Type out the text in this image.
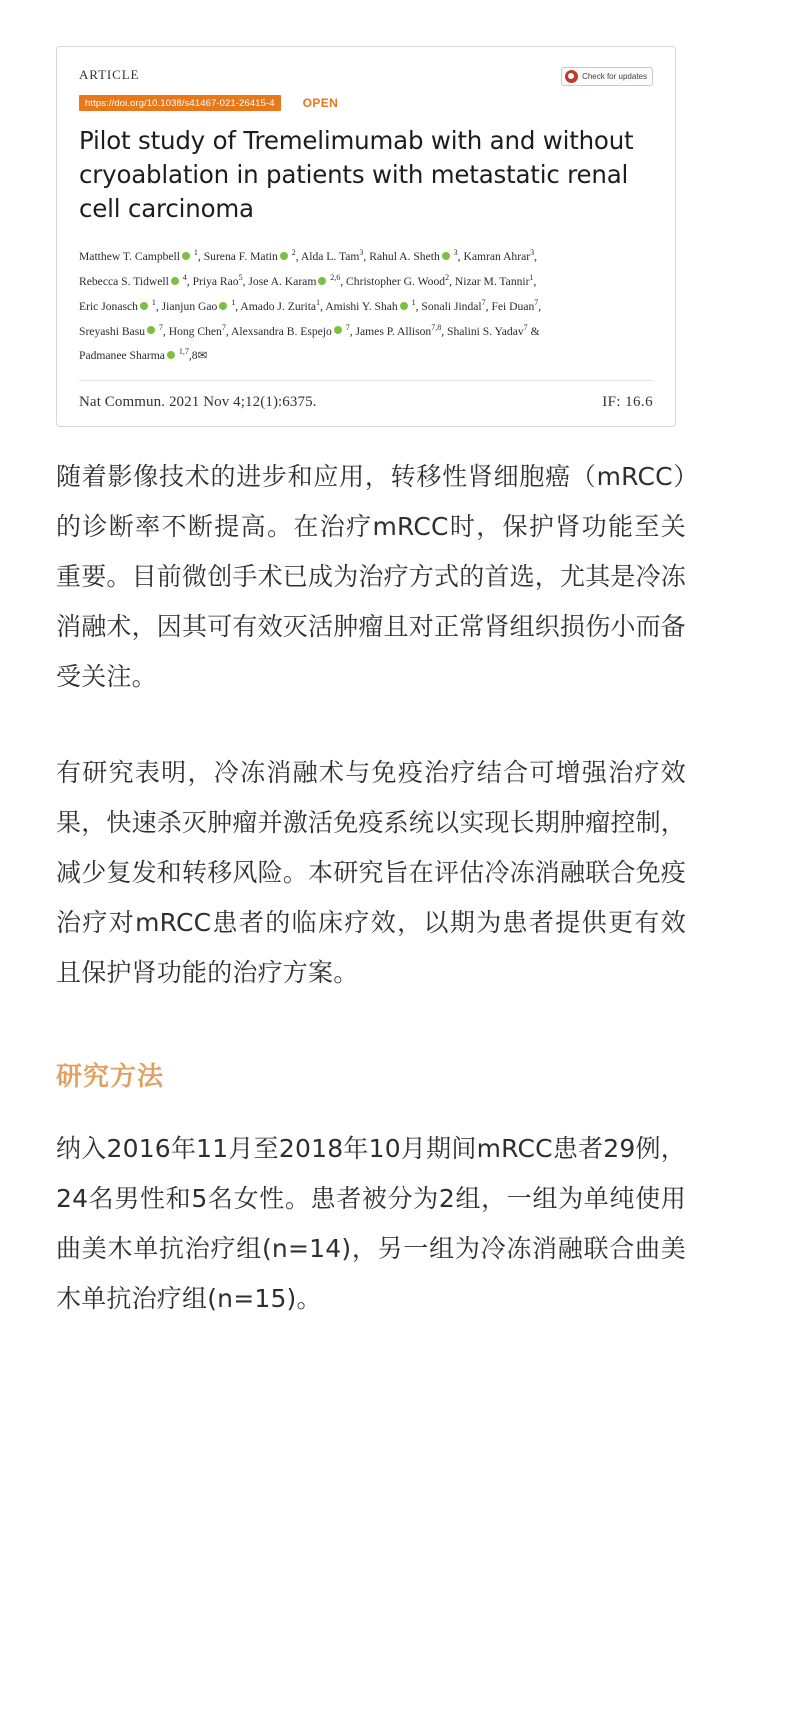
ARTICLE	Check for updates
https://doi.org/10.1038/s41467-021-26415-4	OPEN
Pilot study of Tremelimumab with and without cryoablation in patients with metastatic renal cell carcinoma
Matthew T. Campbell $^1$, Surena F. Matin $^2$, Alda L. Tam$^3$, Rahul A. Sheth $^3$, Kamran Ahrar$^3$,
Rebecca S. Tidwell $^4$, Priya Rao$^5$, Jose A. Karam $^{2,6}$, Christopher G. Wood$^2$, Nizar M. Tannir$^1$,
Eric Jonasch $^1$, Jianjun Gao $^1$, Amado J. Zurita$^1$, Amishi Y. Shah $^1$, Sonali Jindal$^7$, Fei Duan$^7$,
Sreyashi Basu $^7$, Hong Chen$^7$, Alexsandra B. Espejo $^7$, James P. Allison$^{7,8}$, Shalini S. Yadav$^7$ &
Padmanee Sharma $^{1,7}$,8✉
Nat Commun. 2021 Nov 4;12(1):6375.	IF: 16.6

随着影像技术的进步和应用，转移性肾细胞癌（mRCC）的诊断率不断提高。在治疗mRCC时，保护肾功能至关重要。目前微创手术已成为治疗方式的首选，尤其是冷冻消融术，因其可有效灭活肿瘤且对正常肾组织损伤小而备受关注。

有研究表明，冷冻消融术与免疫治疗结合可增强治疗效果，快速杀灭肿瘤并激活免疫系统以实现长期肿瘤控制，减少复发和转移风险。本研究旨在评估冷冻消融联合免疫治疗对mRCC患者的临床疗效，以期为患者提供更有效且保护肾功能的治疗方案。

研究方法

纳入2016年11月至2018年10月期间mRCC患者29例，24名男性和5名女性。患者被分为2组，一组为单纯使用曲美木单抗治疗组(n=14)，另一组为冷冻消融联合曲美木单抗治疗组(n=15)。
